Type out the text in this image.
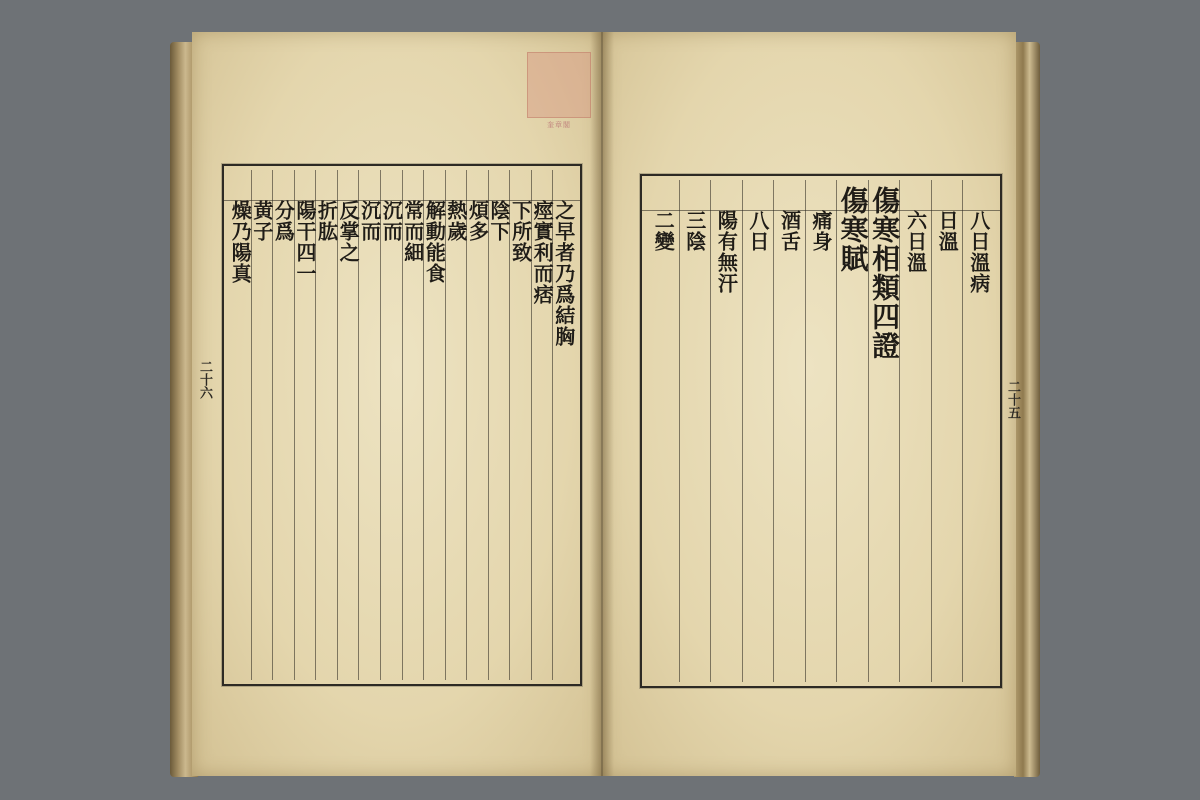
奎章閣
之早者乃爲結胸
痙實利而痞
下所致
陰下
煩多
熱歲
解動能食
常而細
沉而
沉而
反掌之
折肱
陽干四一
分爲
黄子
燥乃陽真	八日溫病
日溫
六日溫
傷寒相類四證
傷寒賦
痛身
酒舌
八日
陽有無汗
三陰
二變
二十六
二十五
